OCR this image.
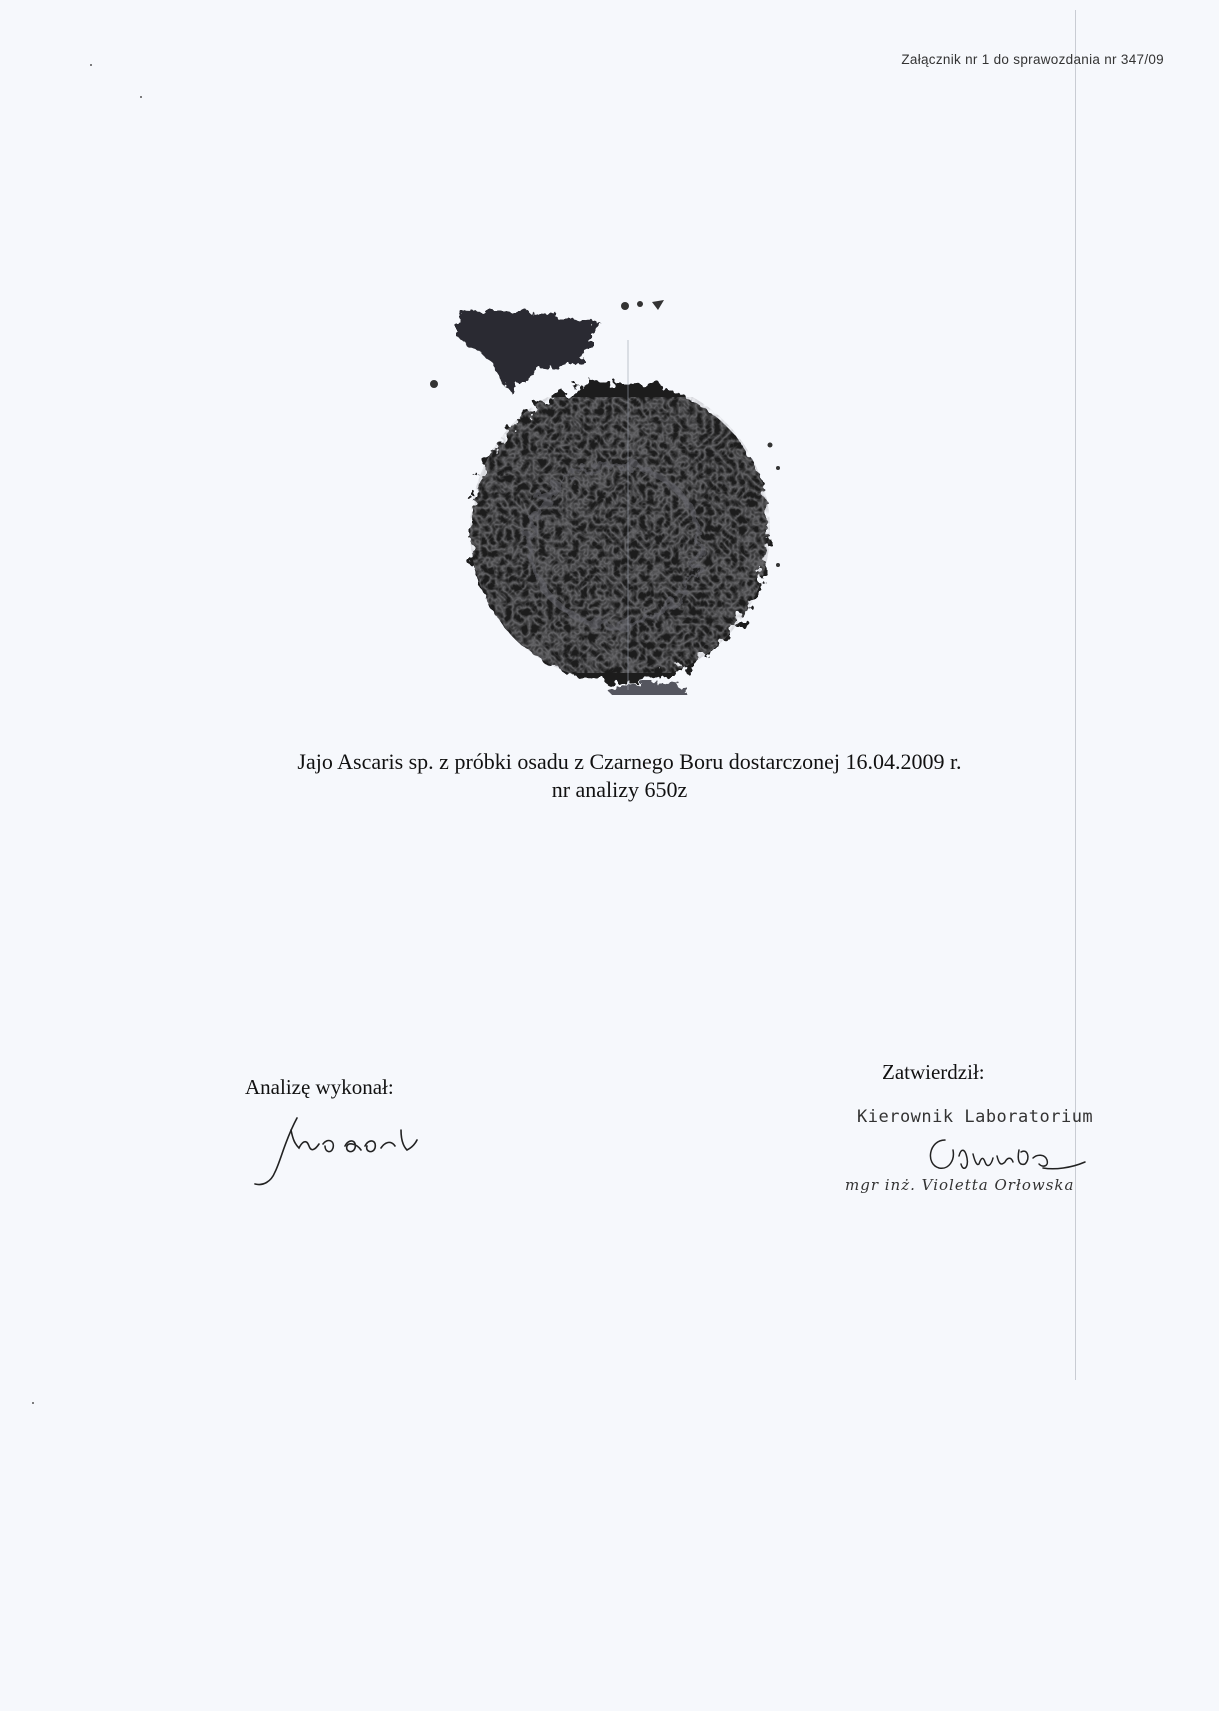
Załącznik nr 1 do sprawozdania nr 347/09
Jajo Ascaris sp. z próbki osadu z Czarnego Boru dostarczonej 16.04.2009 r.
nr analizy 650z
Analizę wykonał:
Zatwierdził:
Kierownik Laboratorium
mgr inż. Violetta Orłowska
